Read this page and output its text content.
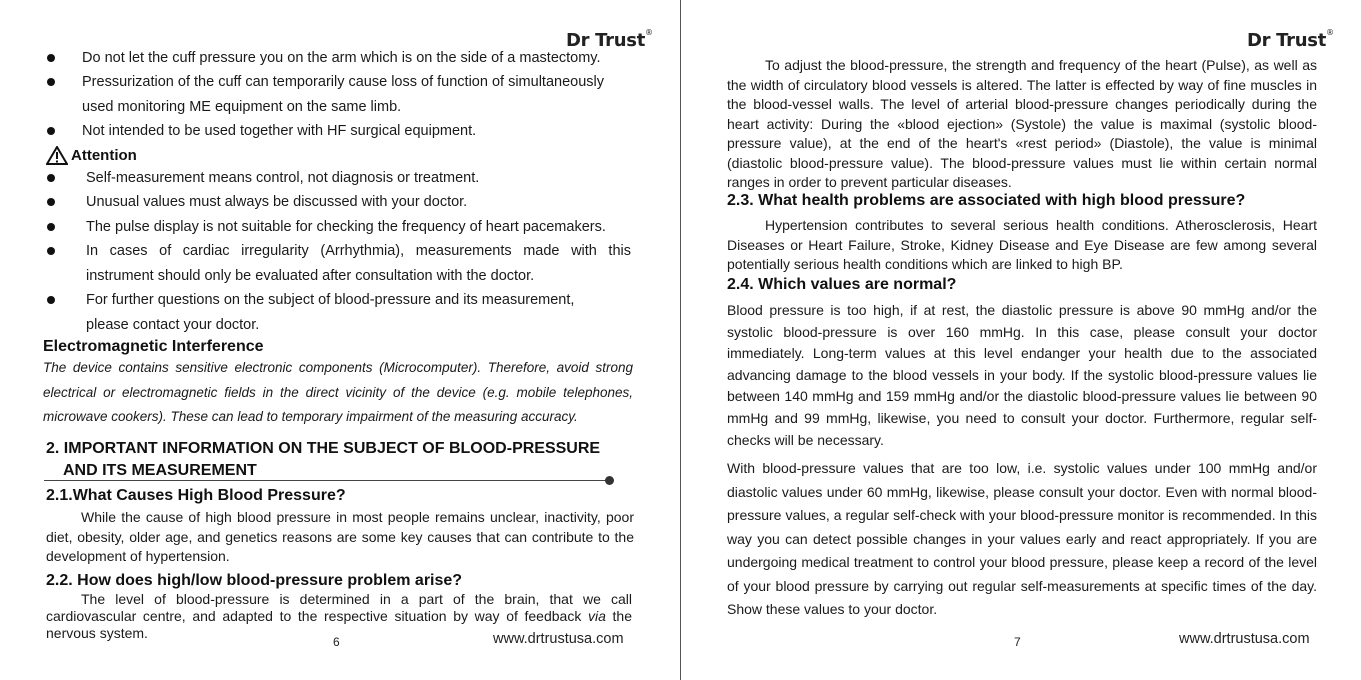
Dr Trust®
Do not let the cuff pressure you on the arm which is on the side of a mastectomy.
Pressurization of the cuff can temporarily cause loss of function of simultaneously used monitoring ME equipment on the same limb.
Not intended to be used together with HF surgical equipment.
Attention
Self-measurement means control, not diagnosis or treatment.
Unusual values must always be discussed with your doctor.
The pulse display is not suitable for checking the frequency of heart pacemakers.
In cases of cardiac irregularity (Arrhythmia), measurements made with this instrument should only be evaluated after consultation with the doctor.
For further questions on the subject of blood-pressure and its measurement, please contact your doctor.
Electromagnetic Interference
The device contains sensitive electronic components (Microcomputer). Therefore, avoid strong electrical or electromagnetic fields in the direct vicinity of the device (e.g. mobile telephones, microwave cookers). These can lead to temporary impairment of the measuring accuracy.
2. IMPORTANT INFORMATION ON THE SUBJECT OF BLOOD-PRESSURE
AND ITS MEASUREMENT
2.1.What Causes High Blood Pressure?
While the cause of high blood pressure in most people remains unclear, inactivity, poor diet, obesity, older age, and genetics reasons are some key causes that can contribute to the development of hypertension.
2.2. How does high/low blood-pressure problem arise?
The level of blood-pressure is determined in a part of the brain, that we call cardiovascular centre, and adapted to the respective situation by way of feedback via the nervous system.
6	www.drtrustusa.com
Dr Trust®
To adjust the blood-pressure, the strength and frequency of the heart (Pulse), as well as the width of circulatory blood vessels is altered. The latter is effected by way of fine muscles in the blood-vessel walls. The level of arterial blood-pressure changes periodically during the heart activity: During the «blood ejection» (Systole) the value is maximal (systolic blood-pressure value), at the end of the heart's «rest period» (Diastole), the value is minimal (diastolic blood-pressure value). The blood-pressure values must lie within certain normal ranges in order to prevent particular diseases.
2.3. What health problems are associated with high blood pressure?
Hypertension contributes to several serious health conditions. Atherosclerosis, Heart Diseases or Heart Failure, Stroke, Kidney Disease and Eye Disease are few among several potentially serious health conditions which are linked to high BP.
2.4. Which values are normal?
Blood pressure is too high, if at rest, the diastolic pressure is above 90 mmHg and/or the systolic blood-pressure is over 160 mmHg. In this case, please consult your doctor immediately. Long-term values at this level endanger your health due to the associated advancing damage to the blood vessels in your body. If the systolic blood-pressure values lie between 140 mmHg and 159 mmHg and/or the diastolic blood-pressure values lie between 90 mmHg and 99 mmHg, likewise, you need to consult your doctor. Furthermore, regular self-checks will be necessary.
With blood-pressure values that are too low, i.e. systolic values under 100 mmHg and/or diastolic values under 60 mmHg, likewise, please consult your doctor. Even with normal blood-pressure values, a regular self-check with your blood-pressure monitor is recommended. In this way you can detect possible changes in your values early and react appropriately. If you are undergoing medical treatment to control your blood pressure, please keep a record of the level of your blood pressure by carrying out regular self-measurements at specific times of the day. Show these values to your doctor.
7	www.drtrustusa.com
